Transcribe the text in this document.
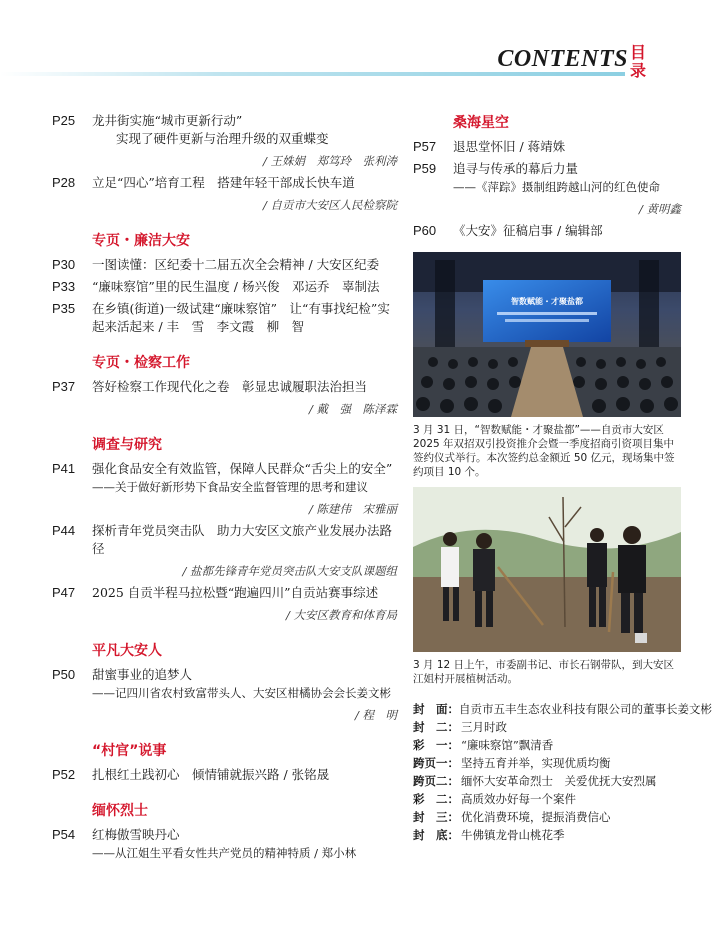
CONTENTS 目录
P25	龙井街实施“城市更新行动”
实现了硬件更新与治理升级的双重蝶变
/ 王姝娟　郑笃玲　张利涛
P28	立足“四心”培育工程　搭建年轻干部成长快车道
/ 自贡市大安区人民检察院
专页・廉洁大安
P30	一图读懂：区纪委十二届五次全会精神 / 大安区纪委
P33	“廉味察馆”里的民生温度 / 杨兴俊　邓运乔　辜制法
P35	在乡镇(街道)一级试建“廉味察馆”　让“有事找纪检”实
起来活起来 / 丰　雪　李文霞　柳　智
专页・检察工作
P37	答好检察工作现代化之卷　彰显忠诚履职法治担当
/ 戴　强　陈泽霖
调查与研究
P41	强化食品安全有效监管，保障人民群众“舌尖上的安全”
——关于做好新形势下食品安全监督管理的思考和建议
/ 陈建伟　宋雅丽
P44	探析青年党员突击队　助力大安区文旅产业发展办法路径
/ 盐都先锋青年党员突击队大安支队课题组
P47	2025 自贡半程马拉松暨“跑遍四川”自贡站赛事综述
/ 大安区教育和体育局
平凡大安人
P50	甜蜜事业的追梦人
——记四川省农村致富带头人、大安区柑橘协会会长姜文彬
/ 程　明
“村官”说事
P52	扎根红土践初心　倾情铺就振兴路 / 张铭晟
缅怀烈士
P54	红梅傲雪映丹心
——从江姐生平看女性共产党员的精神特质 / 郑小林
桑海星空
P57	退思堂怀旧 / 蒋靖姝
P59	追寻与传承的幕后力量
——《萍踪》摄制组跨越山河的红色使命
/ 黄明鑫
P60	《大安》征稿启事 / 编辑部
智数赋能・才聚盐都
3 月 31 日，“智数赋能・才聚盐都”——自贡市大安区 2025 年双招双引投资推介会暨一季度招商引资项目集中签约仪式举行。本次签约总金额近 50 亿元，现场集中签约项目 10 个。
3 月 12 日上午，市委副书记、市长石钢带队，到大安区江姐村开展植树活动。
封　面： 自贡市五丰生态农业科技有限公司的董事长姜文彬
封　二： 三月时政
彩　一： “廉味察馆”飘清香
跨页一： 坚持五育并举，实现优质均衡
跨页二： 缅怀大安革命烈士　关爱优抚大安烈属
彩　二： 高质效办好每一个案件
封　三： 优化消费环境，提振消费信心
封　底： 牛佛镇龙骨山桃花季
